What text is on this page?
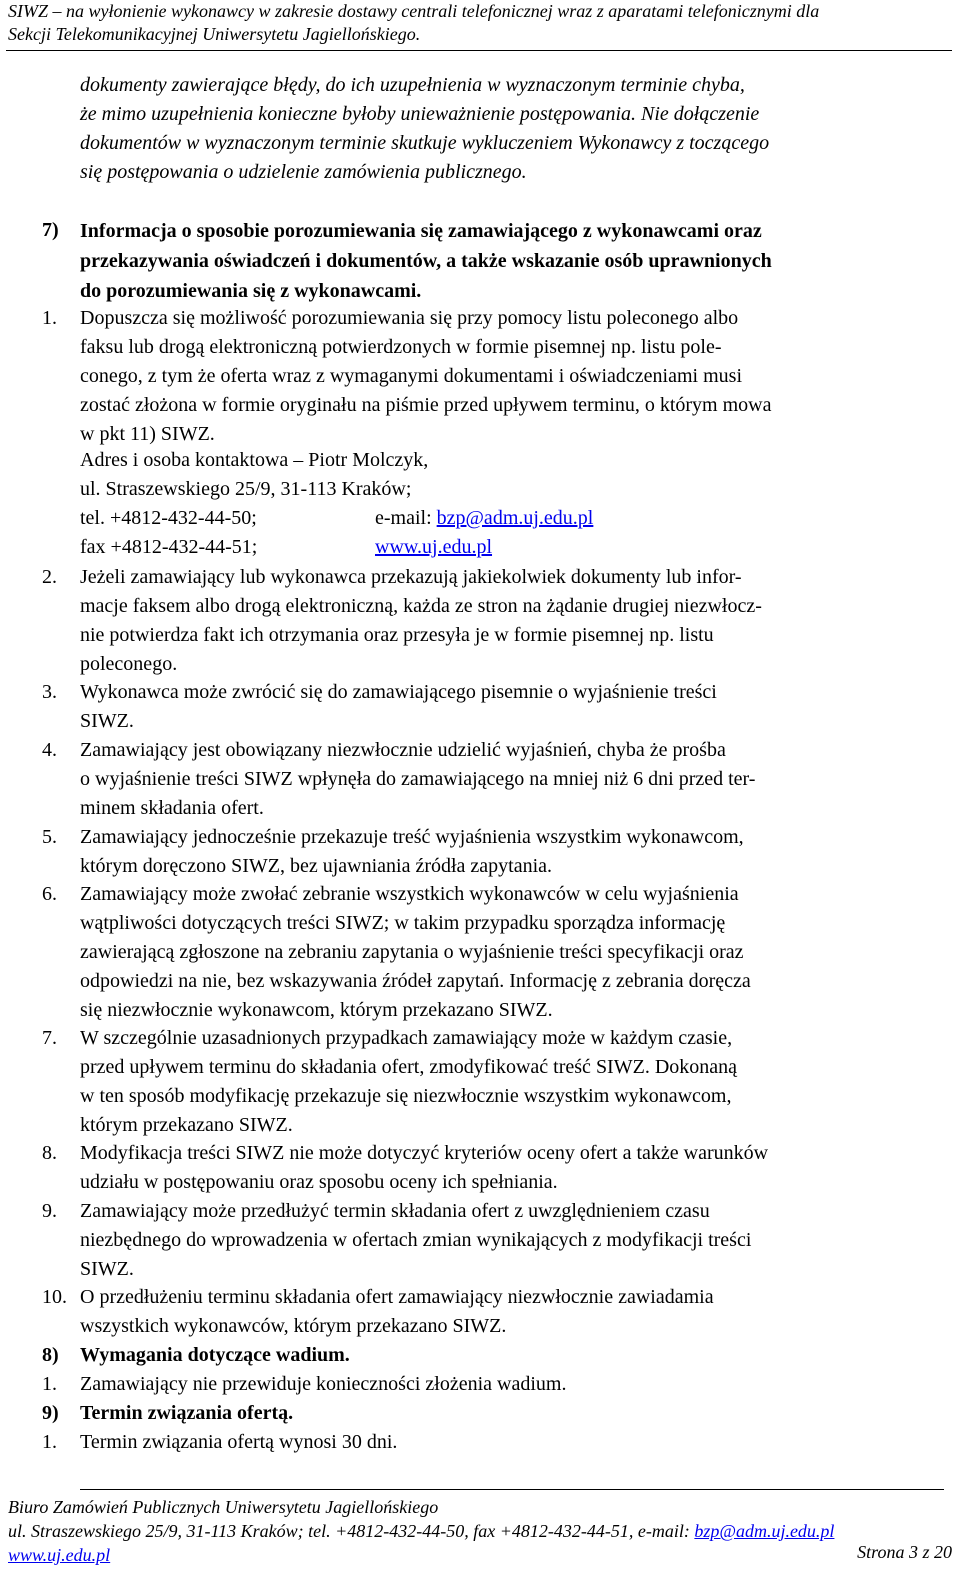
SIWZ – na wyłonienie wykonawcy w zakresie dostawy centrali telefonicznej wraz z aparatami telefonicznymi dla
Sekcji Telekomunikacyjnej Uniwersytetu Jagiellońskiego.
dokumenty zawierające błędy, do ich uzupełnienia w wyznaczonym terminie chyba,
że mimo uzupełnienia konieczne byłoby unieważnienie postępowania. Nie dołączenie
dokumentów w wyznaczonym terminie skutkuje wykluczeniem Wykonawcy z toczącego
się postępowania o udzielenie zamówienia publicznego.
7) Informacja o sposobie porozumiewania się zamawiającego z wykonawcami oraz
przekazywania oświadczeń i dokumentów, a także wskazanie osób uprawnionych
do porozumiewania się z wykonawcami.
1. Dopuszcza się możliwość porozumiewania się przy pomocy listu poleconego albo
faksu lub drogą elektroniczną potwierdzonych w formie pisemnej np. listu pole-
conego, z tym że oferta wraz z wymaganymi dokumentami i oświadczeniami musi
zostać złożona w formie oryginału na piśmie przed upływem terminu, o którym mowa
w pkt 11) SIWZ.
Adres i osoba kontaktowa – Piotr Molczyk,
ul. Straszewskiego 25/9, 31-113 Kraków;
tel. +4812-432-44-50;	e-mail: bzp@adm.uj.edu.pl
fax +4812-432-44-51;	www.uj.edu.pl
2. Jeżeli zamawiający lub wykonawca przekazują jakiekolwiek dokumenty lub infor-
macje faksem albo drogą elektroniczną, każda ze stron na żądanie drugiej niezwłocz-
nie potwierdza fakt ich otrzymania oraz przesyła je w formie pisemnej np. listu
poleconego.
3. Wykonawca może zwrócić się do zamawiającego pisemnie o wyjaśnienie treści
SIWZ.
4. Zamawiający jest obowiązany niezwłocznie udzielić wyjaśnień, chyba że prośba
o wyjaśnienie treści SIWZ wpłynęła do zamawiającego na mniej niż 6 dni przed ter-
minem składania ofert.
5. Zamawiający jednocześnie przekazuje treść wyjaśnienia wszystkim wykonawcom,
którym doręczono SIWZ, bez ujawniania źródła zapytania.
6. Zamawiający może zwołać zebranie wszystkich wykonawców w celu wyjaśnienia
wątpliwości dotyczących treści SIWZ; w takim przypadku sporządza informację
zawierającą zgłoszone na zebraniu zapytania o wyjaśnienie treści specyfikacji oraz
odpowiedzi na nie, bez wskazywania źródeł zapytań. Informację z zebrania doręcza
się niezwłocznie wykonawcom, którym przekazano SIWZ.
7. W szczególnie uzasadnionych przypadkach zamawiający może w każdym czasie,
przed upływem terminu do składania ofert, zmodyfikować treść SIWZ. Dokonaną
w ten sposób modyfikację przekazuje się niezwłocznie wszystkim wykonawcom,
którym przekazano SIWZ.
8. Modyfikacja treści SIWZ nie może dotyczyć kryteriów oceny ofert a także warunków
udziału w postępowaniu oraz sposobu oceny ich spełniania.
9. Zamawiający może przedłużyć termin składania ofert z uwzględnieniem czasu
niezbędnego do wprowadzenia w ofertach zmian wynikających z modyfikacji treści
SIWZ.
10. O przedłużeniu terminu składania ofert zamawiający niezwłocznie zawiadamia
wszystkich wykonawców, którym przekazano SIWZ.
8) Wymagania dotyczące wadium.
1. Zamawiający nie przewiduje konieczności złożenia wadium.
9) Termin związania ofertą.
1. Termin związania ofertą wynosi 30 dni.
Biuro Zamówień Publicznych Uniwersytetu Jagiellońskiego
ul. Straszewskiego 25/9, 31-113 Kraków; tel. +4812-432-44-50, fax +4812-432-44-51, e-mail: bzp@adm.uj.edu.pl
www.uj.edu.pl	Strona 3 z 20
